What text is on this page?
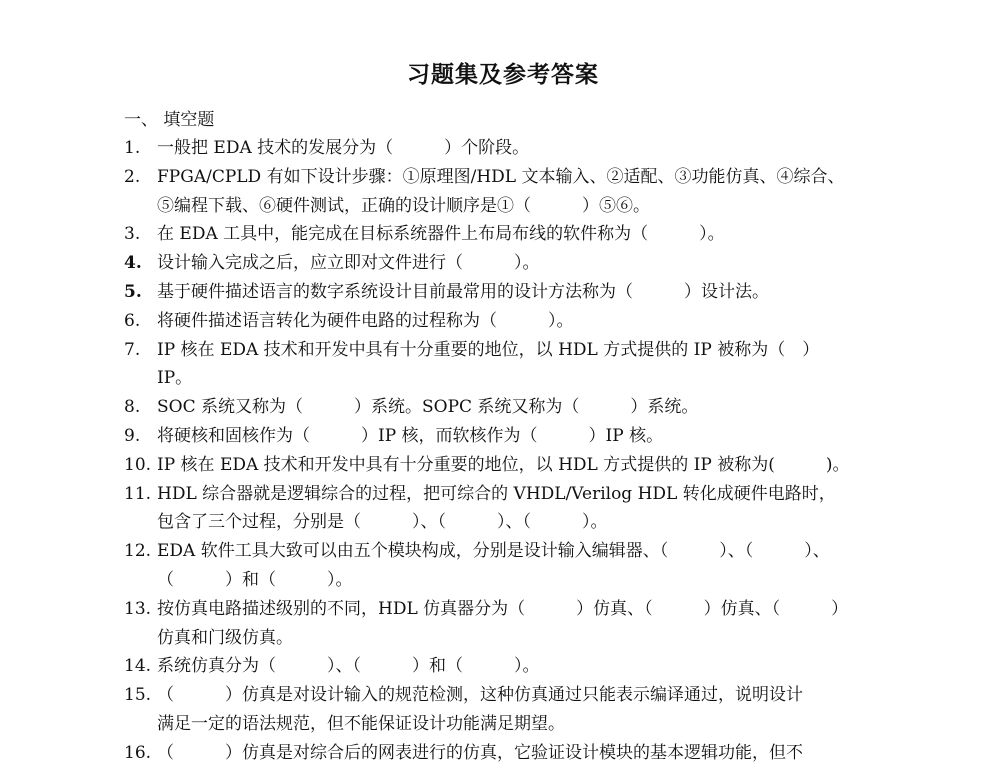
习题集及参考答案
一、 填空题
1. 一般把 EDA 技术的发展分为（　　　）个阶段。
2. FPGA/CPLD 有如下设计步骤：①原理图/HDL 文本输入、②适配、③功能仿真、④综合、
⑤编程下载、⑥硬件测试，正确的设计顺序是①（　　　）⑤⑥。
3. 在 EDA 工具中，能完成在目标系统器件上布局布线的软件称为（　　　）。
4. 设计输入完成之后，应立即对文件进行（　　　）。
5. 基于硬件描述语言的数字系统设计目前最常用的设计方法称为（　　　）设计法。
6. 将硬件描述语言转化为硬件电路的过程称为（　　　）。
7. IP 核在 EDA 技术和开发中具有十分重要的地位，以 HDL 方式提供的 IP 被称为（　）
IP。
8. SOC 系统又称为（　　　）系统。SOPC 系统又称为（　　　）系统。
9. 将硬核和固核作为（　　　）IP 核，而软核作为（　　　）IP 核。
10. IP 核在 EDA 技术和开发中具有十分重要的地位，以 HDL 方式提供的 IP 被称为(　　　)。
11. HDL 综合器就是逻辑综合的过程，把可综合的 VHDL/Verilog HDL 转化成硬件电路时，
包含了三个过程，分别是（　　　）、（　　　）、（　　　）。
12. EDA 软件工具大致可以由五个模块构成，分别是设计输入编辑器、（　　　）、（　　　）、
（　　　）和（　　　）。
13. 按仿真电路描述级别的不同，HDL 仿真器分为（　　　）仿真、（　　　）仿真、（　　　）
仿真和门级仿真。
14. 系统仿真分为（　　　）、（　　　）和（　　　）。
15. （　　　）仿真是对设计输入的规范检测，这种仿真通过只能表示编译通过，说明设计
满足一定的语法规范，但不能保证设计功能满足期望。
16. （　　　）仿真是对综合后的网表进行的仿真，它验证设计模块的基本逻辑功能，但不
